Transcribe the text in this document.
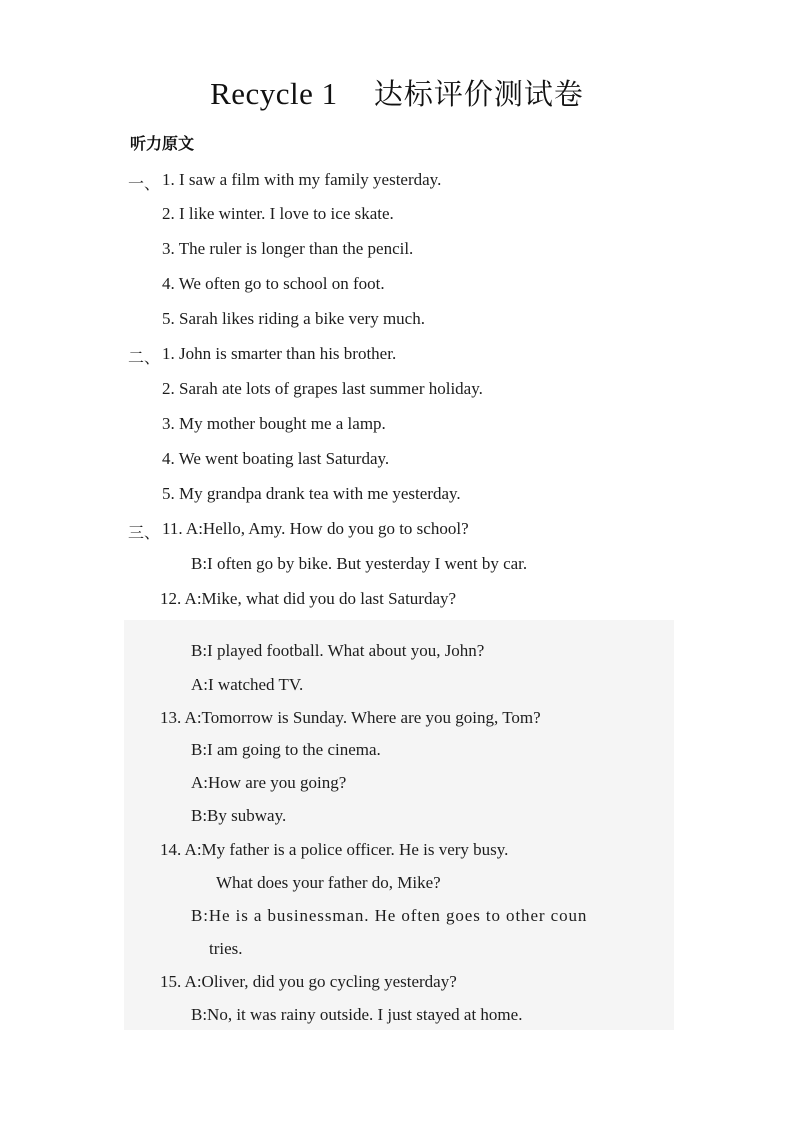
Recycle 1 达标评价测试卷
听力原文
一、 1. I saw a film with my family yesterday.
2. I like winter. I love to ice skate.
3. The ruler is longer than the pencil.
4. We often go to school on foot.
5. Sarah likes riding a bike very much.
二、 1. John is smarter than his brother.
2. Sarah ate lots of grapes last summer holiday.
3. My mother bought me a lamp.
4. We went boating last Saturday.
5. My grandpa drank tea with me yesterday.
三、 11. A:Hello, Amy. How do you go to school?
B:I often go by bike. But yesterday I went by car.
12. A:Mike, what did you do last Saturday?
B:I played football. What about you, John?
A:I watched TV.
13. A:Tomorrow is Sunday. Where are you going, Tom?
B:I am going to the cinema.
A:How are you going?
B:By subway.
14. A:My father is a police officer. He is very busy.
What does your father do, Mike?
B:He is a businessman. He often goes to other coun
tries.
15. A:Oliver, did you go cycling yesterday?
B:No, it was rainy outside. I just stayed at home.
